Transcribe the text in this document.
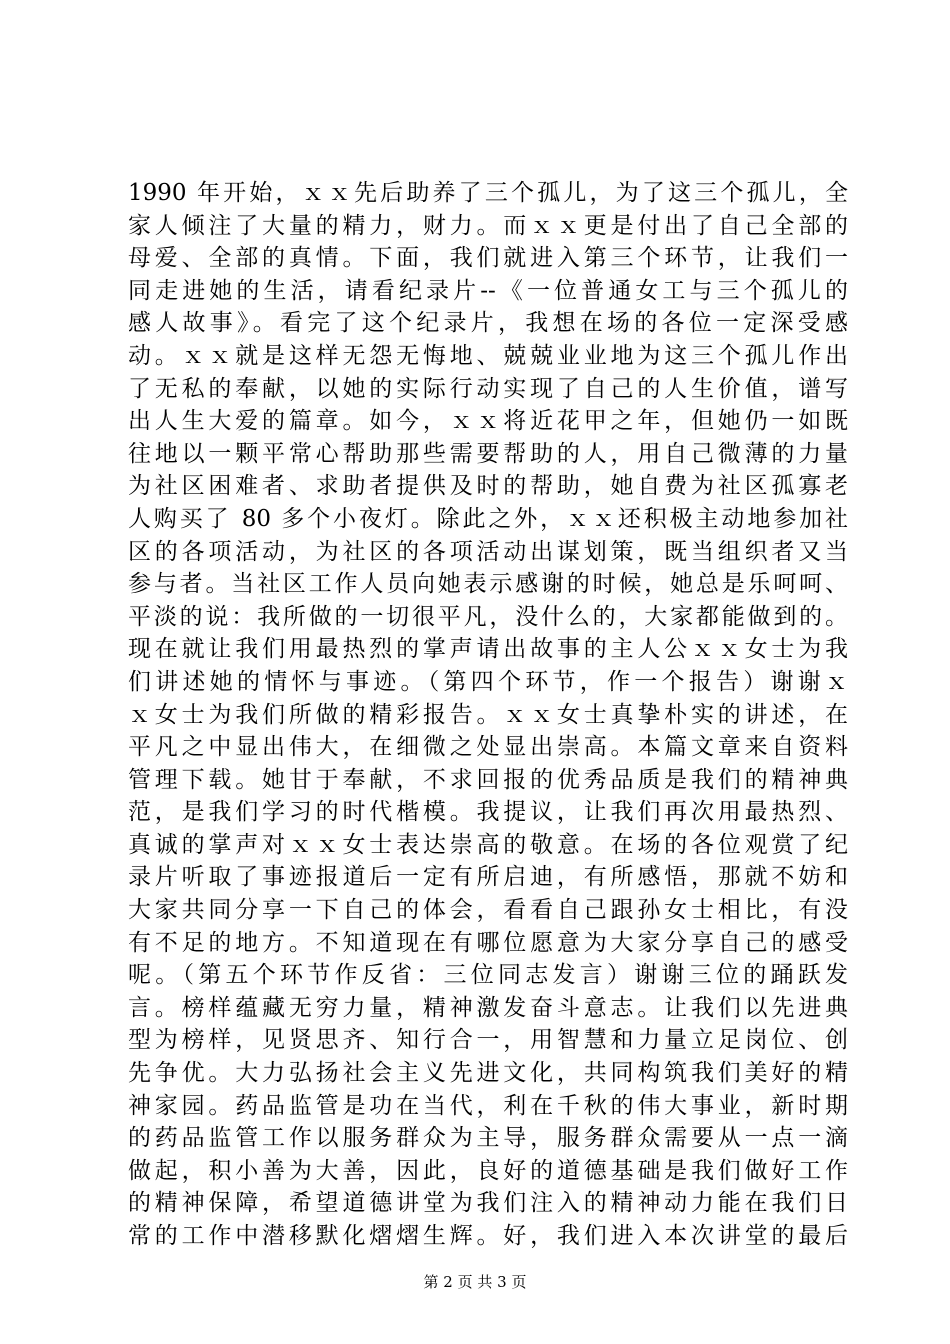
1990 年开始，ｘｘ先后助养了三个孤儿，为了这三个孤儿，全
家人倾注了大量的精力，财力。而ｘｘ更是付出了自己全部的
母爱、全部的真情。下面，我们就进入第三个环节，让我们一
同走进她的生活，请看纪录片--《一位普通女工与三个孤儿的
感人故事》。看完了这个纪录片，我想在场的各位一定深受感
动。ｘｘ就是这样无怨无悔地、兢兢业业地为这三个孤儿作出
了无私的奉献，以她的实际行动实现了自己的人生价值，谱写
出人生大爱的篇章。如今，ｘｘ将近花甲之年，但她仍一如既
往地以一颗平常心帮助那些需要帮助的人，用自己微薄的力量
为社区困难者、求助者提供及时的帮助，她自费为社区孤寡老
人购买了 80 多个小夜灯。除此之外，ｘｘ还积极主动地参加社
区的各项活动，为社区的各项活动出谋划策，既当组织者又当
参与者。当社区工作人员向她表示感谢的时候，她总是乐呵呵、
平淡的说：我所做的一切很平凡，没什么的，大家都能做到的。
现在就让我们用最热烈的掌声请出故事的主人公ｘｘ女士为我
们讲述她的情怀与事迹。（第四个环节，作一个报告）谢谢ｘ
ｘ女士为我们所做的精彩报告。ｘｘ女士真挚朴实的讲述，在
平凡之中显出伟大，在细微之处显出崇高。本篇文章来自资料
管理下载。她甘于奉献，不求回报的优秀品质是我们的精神典
范，是我们学习的时代楷模。我提议，让我们再次用最热烈、
真诚的掌声对ｘｘ女士表达崇高的敬意。在场的各位观赏了纪
录片听取了事迹报道后一定有所启迪，有所感悟，那就不妨和
大家共同分享一下自己的体会，看看自己跟孙女士相比，有没
有不足的地方。不知道现在有哪位愿意为大家分享自己的感受
呢。（第五个环节作反省：三位同志发言）谢谢三位的踊跃发
言。榜样蕴藏无穷力量，精神激发奋斗意志。让我们以先进典
型为榜样，见贤思齐、知行合一，用智慧和力量立足岗位、创
先争优。大力弘扬社会主义先进文化，共同构筑我们美好的精
神家园。药品监管是功在当代，利在千秋的伟大事业，新时期
的药品监管工作以服务群众为主导，服务群众需要从一点一滴
做起，积小善为大善，因此，良好的道德基础是我们做好工作
的精神保障，希望道德讲堂为我们注入的精神动力能在我们日
常的工作中潜移默化熠熠生辉。好，我们进入本次讲堂的最后
第 2 页 共 3 页
